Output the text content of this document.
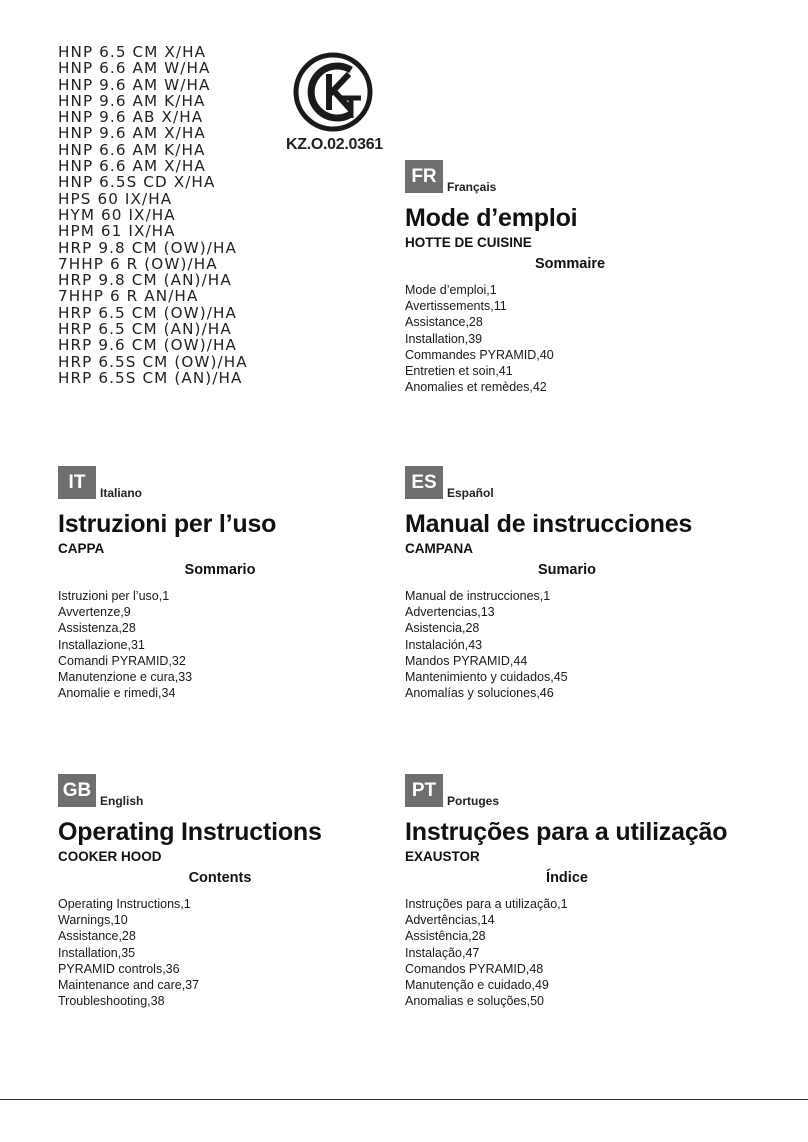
HNP 6.5 CM X/HA
HNP 6.6 AM W/HA
HNP 9.6 AM W/HA
HNP 9.6 AM K/HA
HNP 9.6 AB X/HA
HNP 9.6 AM X/HA
HNP 6.6 AM K/HA
HNP 6.6 AM X/HA
HNP 6.5S CD X/HA
HPS 60 IX/HA
HYM 60 IX/HA
HPM 61 IX/HA
HRP 9.8 CM (OW)/HA
7HHP 6 R (OW)/HA
HRP 9.8 CM (AN)/HA
7HHP 6 R AN/HA
HRP 6.5 CM (OW)/HA
HRP 6.5 CM (AN)/HA
HRP 9.6 CM (OW)/HA
HRP 6.5S CM (OW)/HA
HRP 6.5S CM (AN)/HA
KZ.O.02.0361
FR Français
Mode d’emploi
HOTTE DE CUISINE
Sommaire
Mode d’emploi,1
Avertissements,11
Assistance,28
Installation,39
Commandes PYRAMID,40
Entretien et soin,41
Anomalies et remèdes,42
IT	Italiano
Istruzioni per l’uso
CAPPA
Sommario
Istruzioni per l’uso,1
Avvertenze,9
Assistenza,28
Installazione,31
Comandi PYRAMID,32
Manutenzione e cura,33
Anomalie e rimedi,34
ES Español
Manual de instrucciones
CAMPANA
Sumario
Manual de instrucciones,1
Advertencias,13
Asistencia,28
Instalación,43
Mandos PYRAMID,44
Mantenimiento y cuidados,45
Anomalías y soluciones,46
GB English
Operating Instructions
COOKER HOOD
Contents
Operating Instructions,1
Warnings,10
Assistance,28
Installation,35
PYRAMID controls,36
Maintenance and care,37
Troubleshooting,38
PT Portuges
Instruções para a utilização
EXAUSTOR
Índice
Instruções para a utilização,1
Advertências,14
Assistência,28
Instalação,47
Comandos PYRAMID,48
Manutenção e cuidado,49
Anomalias e soluções,50
